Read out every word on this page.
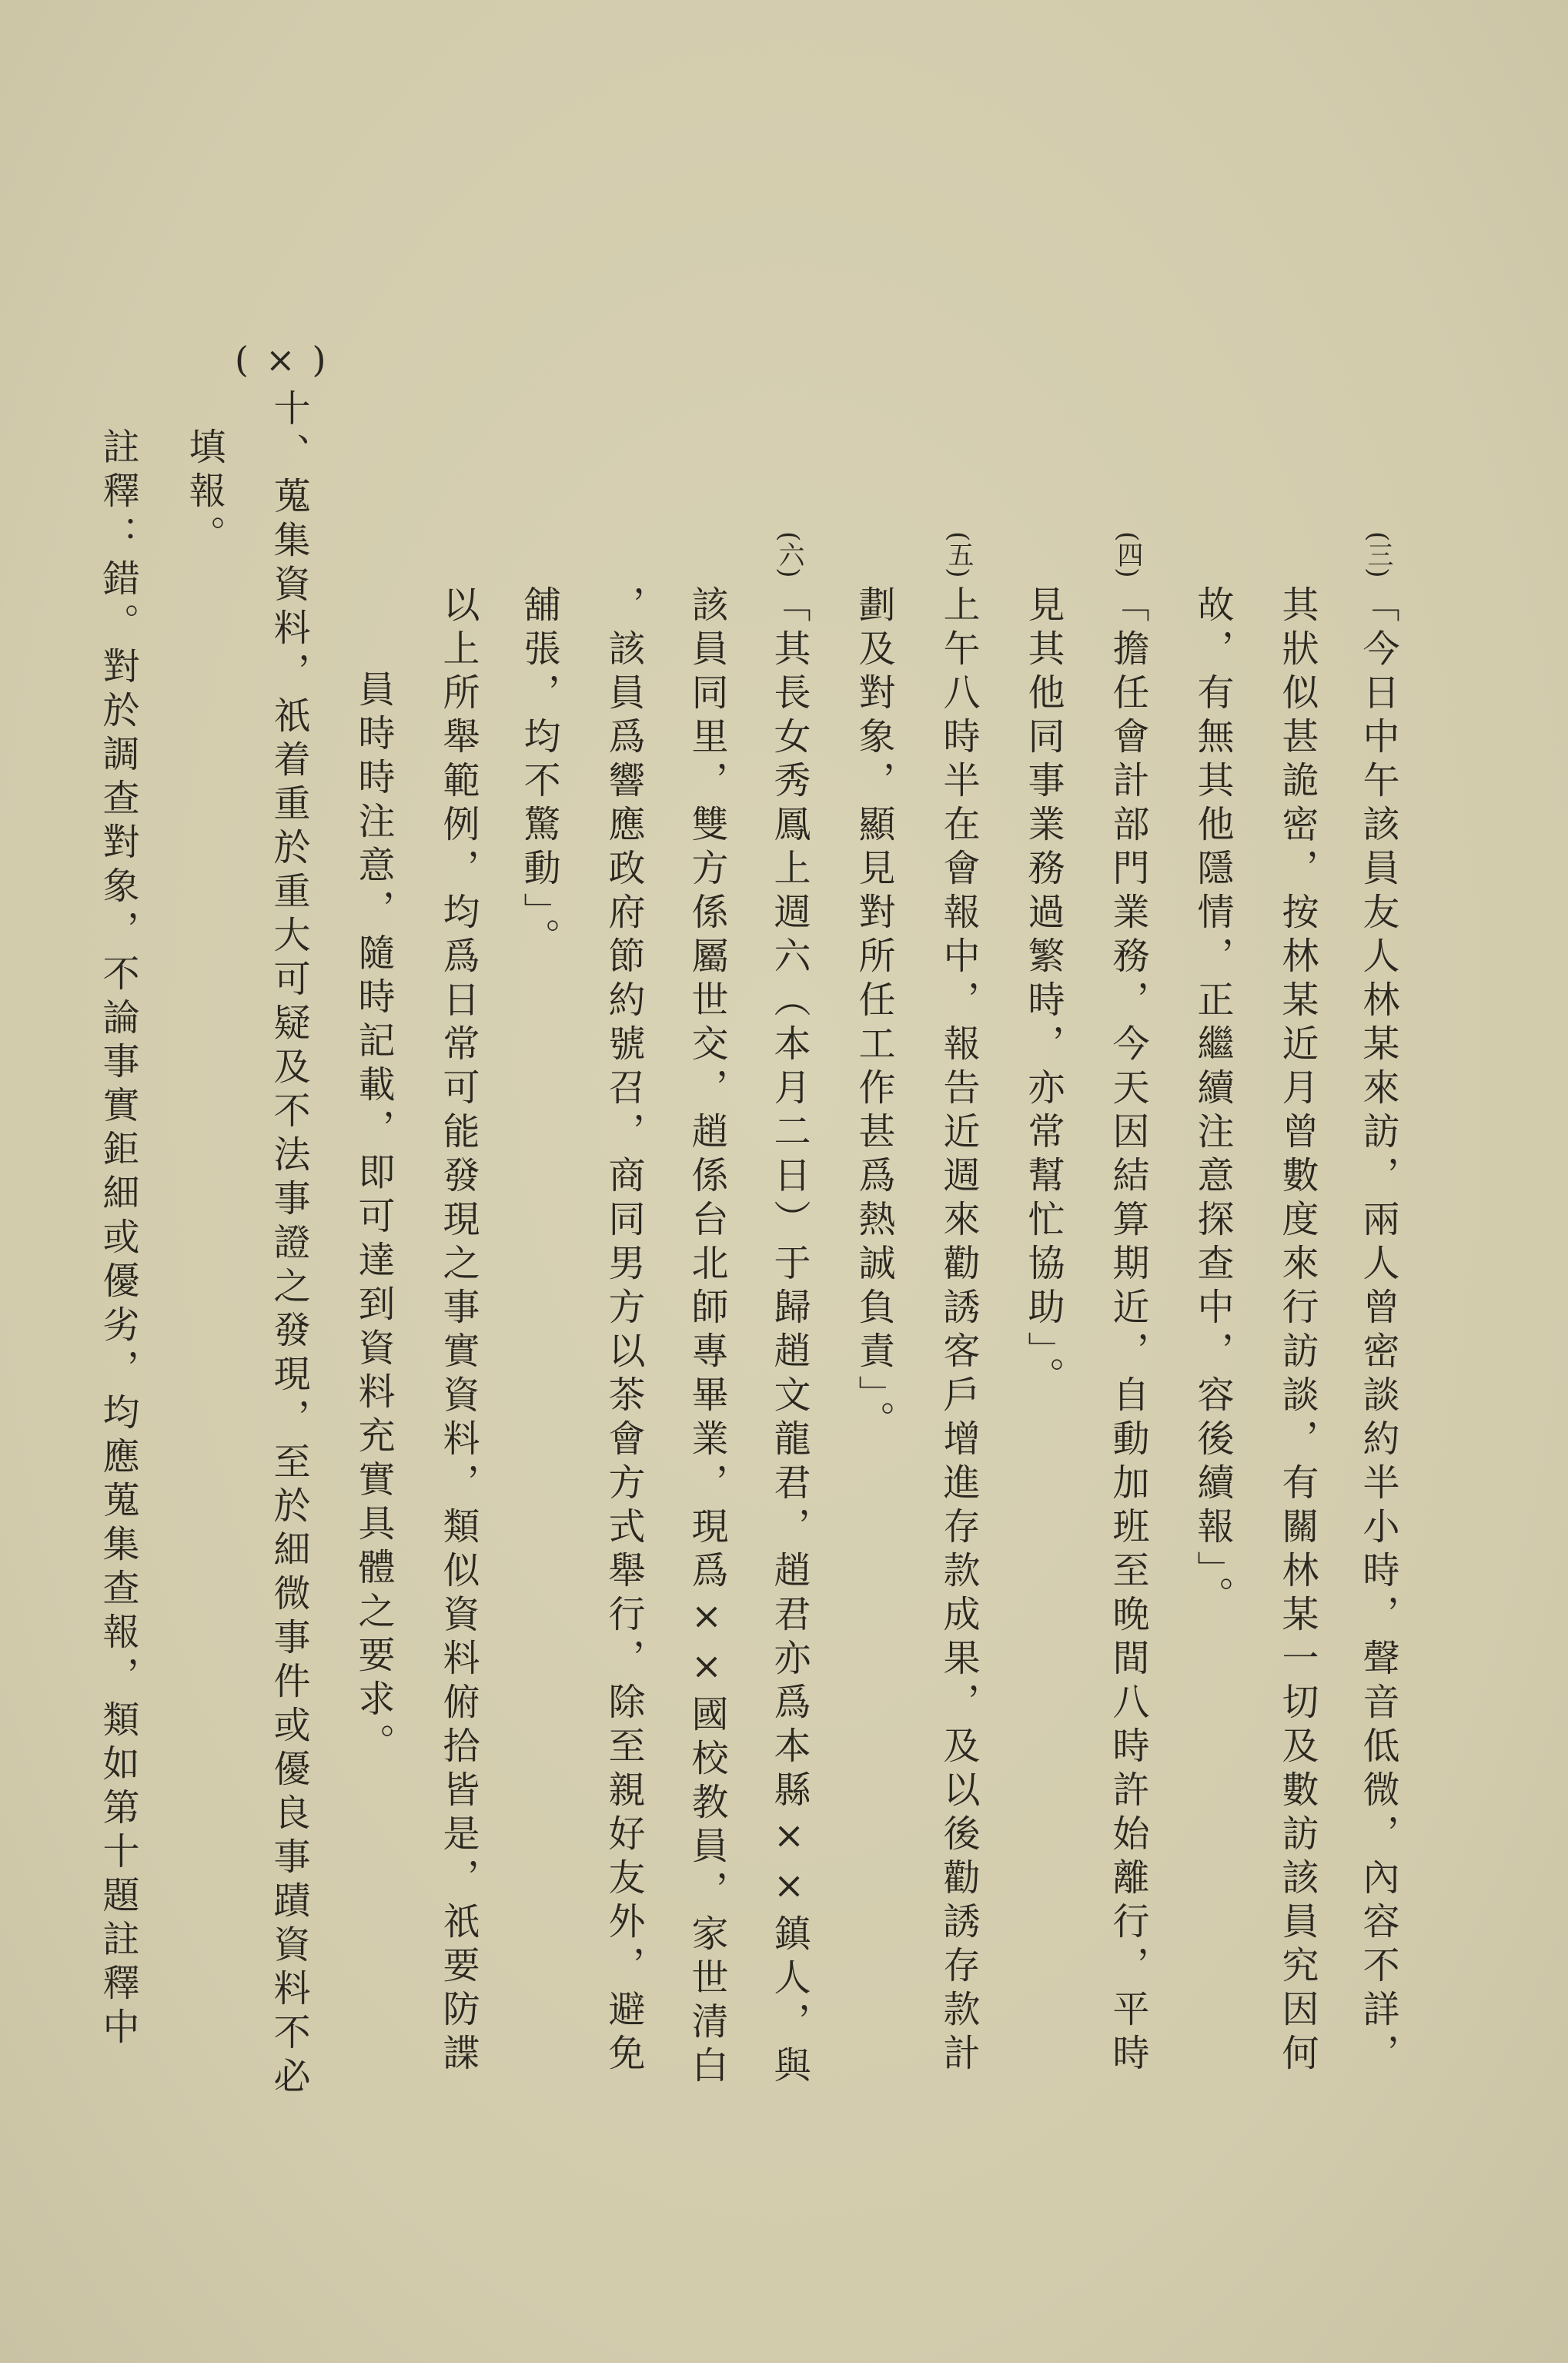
(三)
(四)
(五)
(六)
(×)
「今日中午該員友人林某來訪，兩人曾密談約半小時，聲音低微，內容不詳，
其狀似甚詭密，按林某近月曾數度來行訪談，有關林某一切及數訪該員究因何
故，有無其他隱情，正繼續注意探查中，容後續報」。
「擔任會計部門業務，今天因結算期近，自動加班至晚間八時許始離行，平時
見其他同事業務過繁時，亦常幫忙協助」。
上午八時半在會報中，報告近週來勸誘客戶增進存款成果，及以後勸誘存款計
劃及對象，顯見對所任工作甚爲熱誠負責」。
「其長女秀鳳上週六（本月二日）于歸趙文龍君，趙君亦爲本縣××鎮人，與
該員同里，雙方係屬世交，趙係台北師專畢業，現爲××國校教員，家世清白
，該員爲響應政府節約號召，商同男方以茶會方式舉行，除至親好友外，避免
舖張，均不驚動」。
以上所舉範例，均爲日常可能發現之事實資料，類似資料俯拾皆是，祇要防諜
員時時注意，隨時記載，即可達到資料充實具體之要求。
十、蒐集資料，祇着重於重大可疑及不法事證之發現，至於細微事件或優良事蹟資料不必
填報。
註釋：錯。對於調查對象，不論事實鉅細或優劣，均應蒐集查報，類如第十題註釋中
